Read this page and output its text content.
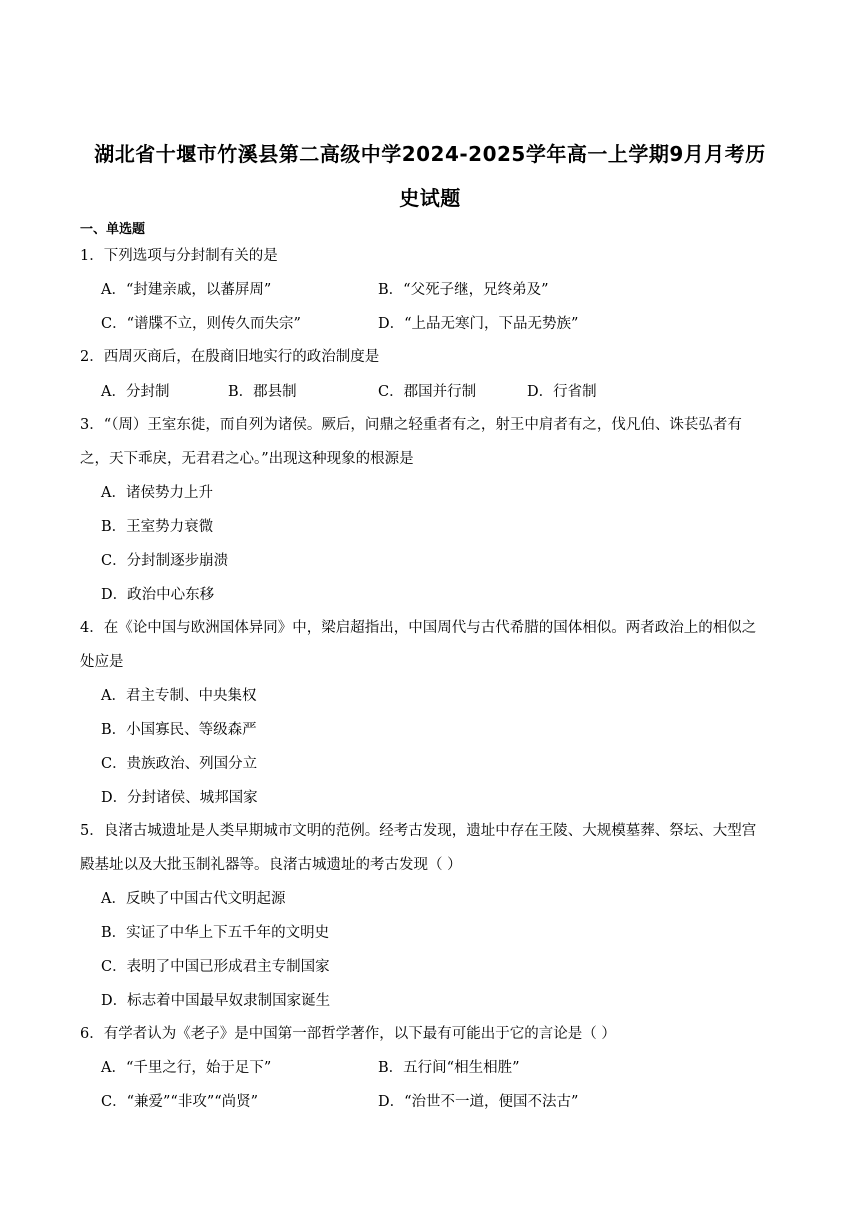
湖北省十堰市竹溪县第二高级中学2024-2025学年高一上学期9月月考历
史试题
一、单选题
1．下列选项与分封制有关的是
A．“封建亲戚，以蕃屏周”	B．“父死子继，兄终弟及”
C．“谱牒不立，则传久而失宗”	D．“上品无寒门，下品无势族”
2．西周灭商后，在殷商旧地实行的政治制度是
A．分封制	B．郡县制	C．郡国并行制	D．行省制
3．“（周）王室东徙，而自列为诸侯。厥后，问鼎之轻重者有之，射王中肩者有之，伐凡伯、诛苌弘者有
之，天下乖戾，无君君之心。”出现这种现象的根源是
A．诸侯势力上升
B．王室势力衰微
C．分封制逐步崩溃
D．政治中心东移
4．在《论中国与欧洲国体异同》中，梁启超指出，中国周代与古代希腊的国体相似。两者政治上的相似之
处应是
A．君主专制、中央集权
B．小国寡民、等级森严
C．贵族政治、列国分立
D．分封诸侯、城邦国家
5．良渚古城遗址是人类早期城市文明的范例。经考古发现，遗址中存在王陵、大规模墓葬、祭坛、大型宫
殿基址以及大批玉制礼器等。良渚古城遗址的考古发现（ ）
A．反映了中国古代文明起源
B．实证了中华上下五千年的文明史
C．表明了中国已形成君主专制国家
D．标志着中国最早奴隶制国家诞生
6．有学者认为《老子》是中国第一部哲学著作，以下最有可能出于它的言论是（ ）
A．“千里之行，始于足下”	B．五行间“相生相胜”
C．“兼爱”“非攻”“尚贤”	D．“治世不一道，便国不法古”
